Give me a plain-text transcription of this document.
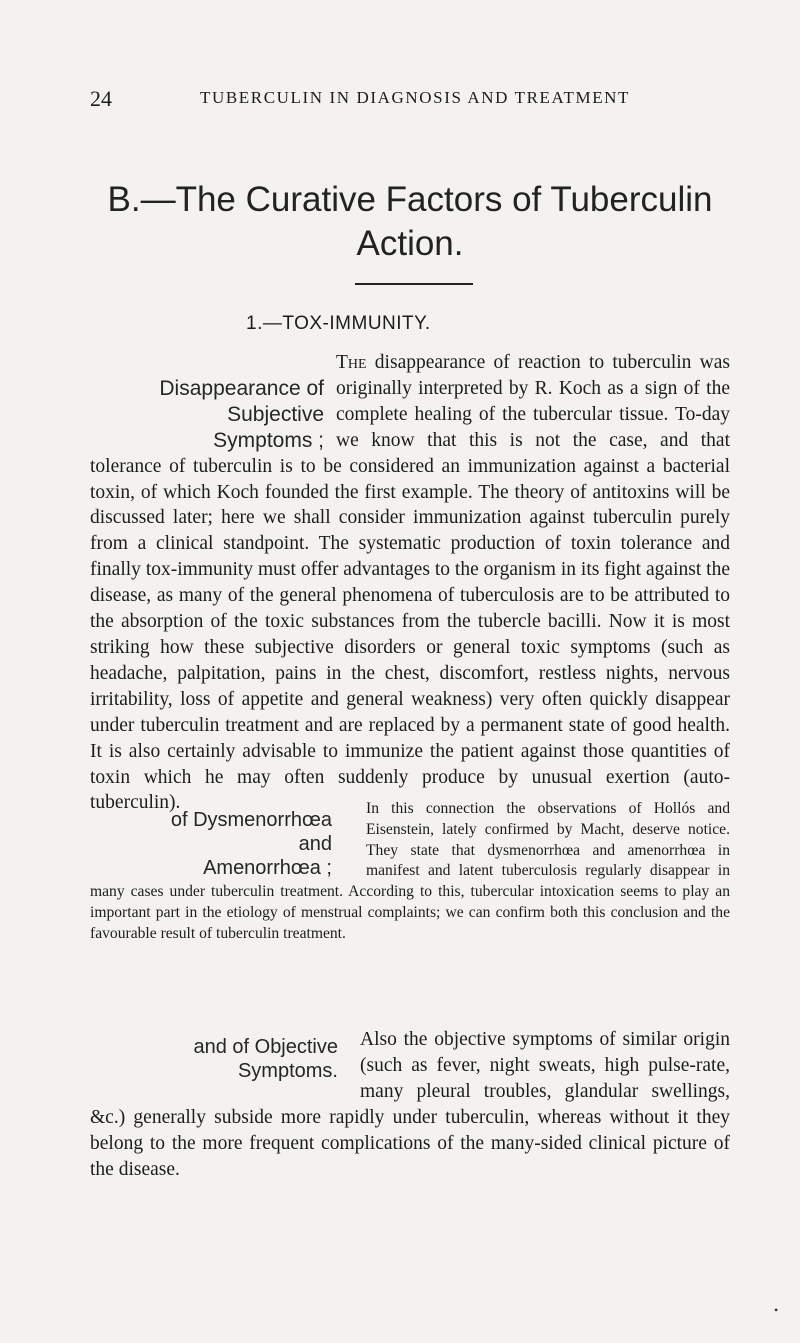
24	TUBERCULIN IN DIAGNOSIS AND TREATMENT
B.—The Curative Factors of Tuberculin
Action.
1.—TOX-IMMUNITY.
Disappearance of
Subjective
Symptoms ;
of Dysmenorrhœa
and
Amenorrhœa ;
and of Objective
Symptoms.
The disappearance of reaction to tuberculin was originally interpreted by R. Koch as a sign of the complete healing of the tubercular tissue. To-day we know that this is not the case, and that tolerance of tuberculin is to be considered an immunization against a bacterial toxin, of which Koch founded the first example. The theory of antitoxins will be discussed later; here we shall consider immunization against tuberculin purely from a clinical standpoint. The systematic production of toxin tolerance and finally tox-immunity must offer advantages to the organism in its fight against the disease, as many of the general phenomena of tuberculosis are to be attributed to the absorption of the toxic substances from the tubercle bacilli. Now it is most striking how these subjective disorders or general toxic symptoms (such as headache, palpitation, pains in the chest, discomfort, restless nights, nervous irritability, loss of appetite and general weakness) very often quickly disappear under tuberculin treatment and are replaced by a permanent state of good health. It is also certainly advisable to immunize the patient against those quantities of toxin which he may often suddenly produce by unusual exertion (auto-tuberculin).	In this connection the observations of Hollós and Eisenstein, lately confirmed by Macht, deserve notice. They state that dysmenorrhœa and amenorrhœa in manifest and latent tuberculosis regularly disappear in many cases under tuberculin treatment. According to this, tubercular intoxication seems to play an important part in the etiology of menstrual complaints; we can confirm both this conclusion and the favourable result of tuberculin treatment.
Also the objective symptoms of similar origin (such as fever, night sweats, high pulse-rate, many pleural troubles, glandular swellings, &c.) generally subside more rapidly under tuberculin, whereas without it they belong to the more frequent complications of the many-sided clinical picture of the disease.
•
